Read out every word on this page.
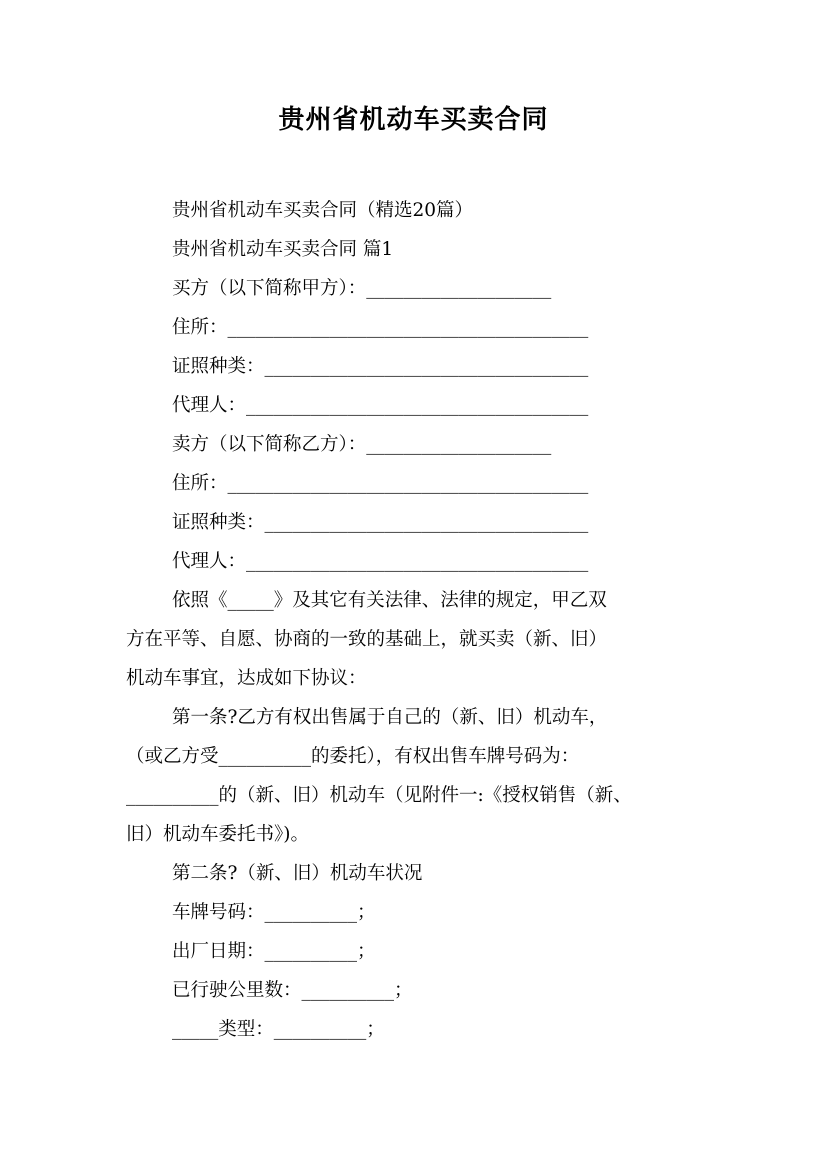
贵州省机动车买卖合同
贵州省机动车买卖合同（精选20篇）
贵州省机动车买卖合同 篇1
买方（以下简称甲方）：____________________
住所：_______________________________________
证照种类：___________________________________
代理人：_____________________________________
卖方（以下简称乙方）：____________________
住所：_______________________________________
证照种类：___________________________________
代理人：_____________________________________
依照《_____》及其它有关法律、法律的规定，甲乙双
方在平等、自愿、协商的一致的基础上，就买卖（新、旧）
机动车事宜，达成如下协议：
第一条?乙方有权出售属于自己的（新、旧）机动车，
（或乙方受__________的委托），有权出售车牌号码为：
__________的（新、旧）机动车（见附件一:《授权销售（新、
旧）机动车委托书》)。
第二条?（新、旧）机动车状况
车牌号码：__________；
出厂日期：__________；
已行驶公里数：__________；
_____类型：__________；
